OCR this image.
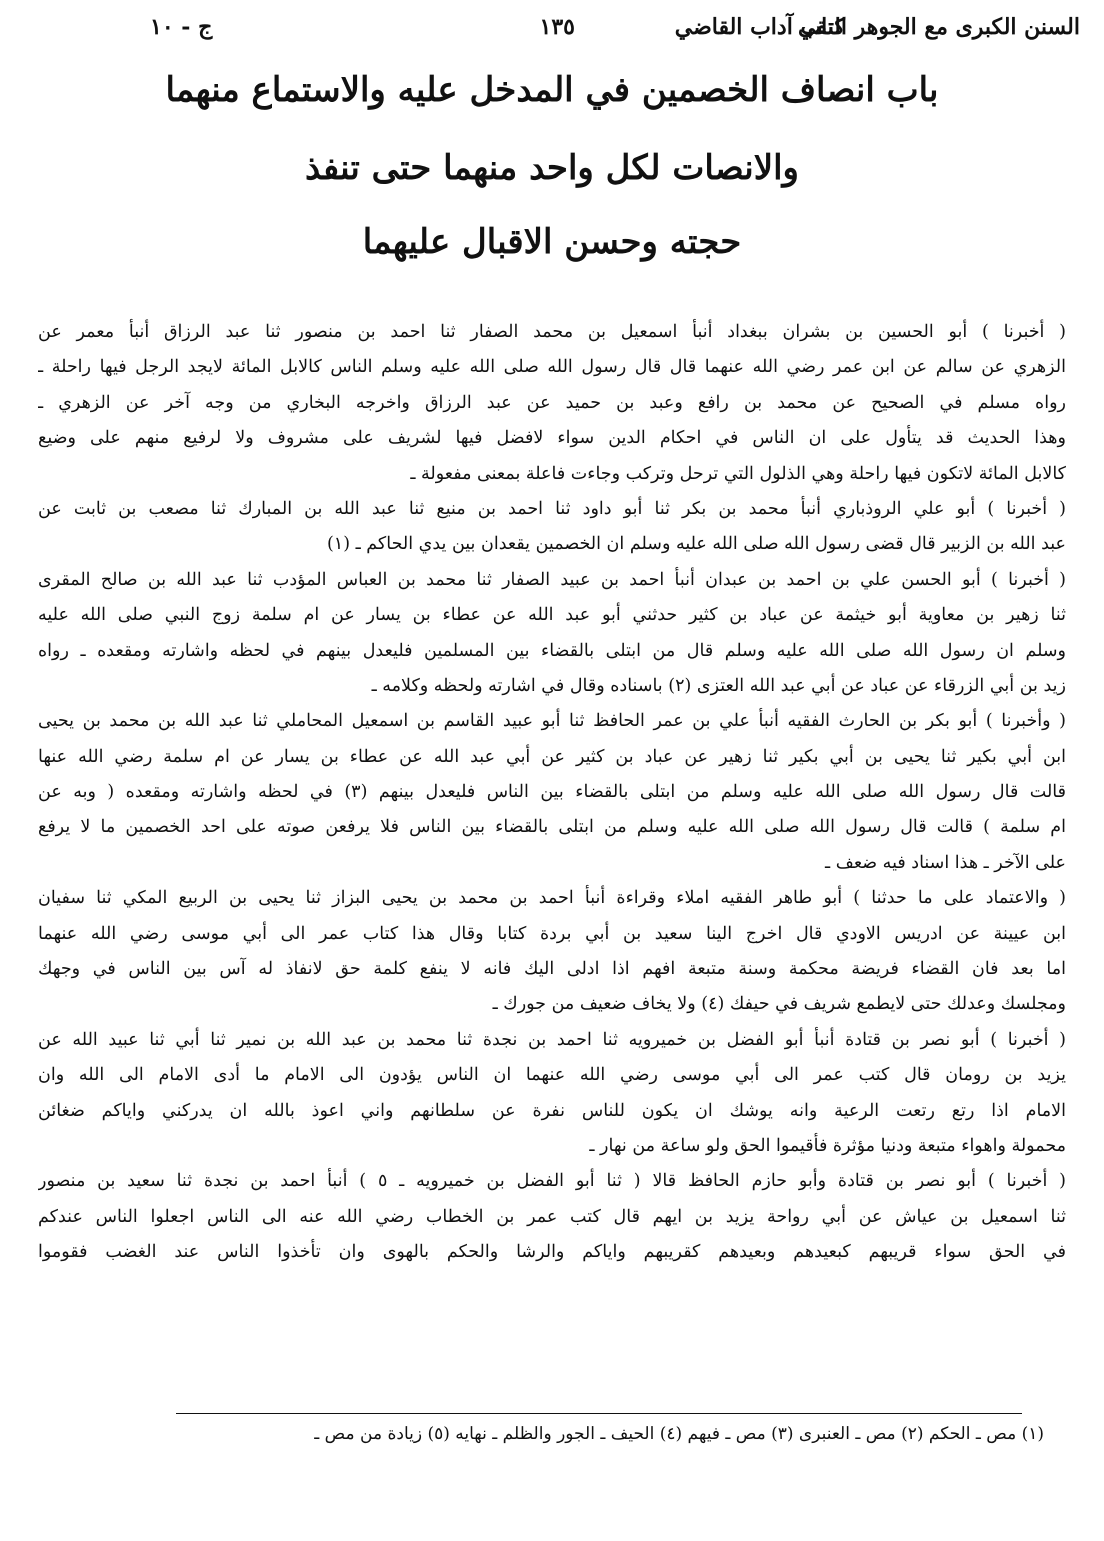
السنن الكبرى مع الجوهر النقي
كتاب آداب القاضي
١٣٥
ج - ١٠
باب انصاف الخصمين في المدخل عليه والاستماع منهما
والانصات لكل واحد منهما حتى تنفذ
حجته وحسن الاقبال عليهما
( أخبرنا ) أبو الحسين بن بشران ببغداد أنبأ اسمعيل بن محمد الصفار ثنا احمد بن منصور ثنا عبد الرزاق أنبأ معمر عن
الزهري عن سالم عن ابن عمر رضي الله عنهما قال قال رسول الله صلى الله عليه وسلم الناس كالابل المائة لايجد الرجل فيها راحلة ـ
رواه مسلم في الصحيح عن محمد بن رافع وعبد بن حميد عن عبد الرزاق واخرجه البخاري من وجه آخر عن الزهري ـ
وهذا الحديث قد يتأول على ان الناس في احكام الدين سواء لافضل فيها لشريف على مشروف ولا لرفيع منهم على وضيع
كالابل المائة لاتكون فيها راحلة وهي الذلول التي ترحل وتركب وجاءت فاعلة بمعنى مفعولة ـ
( أخبرنا ) أبو علي الروذباري أنبأ محمد بن بكر ثنا أبو داود ثنا احمد بن منيع ثنا عبد الله بن المبارك ثنا مصعب بن ثابت عن
عبد الله بن الزبير قال قضى رسول الله صلى الله عليه وسلم ان الخصمين يقعدان بين يدي الحاكم ـ (١)
( أخبرنا ) أبو الحسن علي بن احمد بن عبدان أنبأ احمد بن عبيد الصفار ثنا محمد بن العباس المؤدب ثنا عبد الله بن صالح المقرى
ثنا زهير بن معاوية أبو خيثمة عن عباد بن كثير حدثني أبو عبد الله عن عطاء بن يسار عن ام سلمة زوج النبي صلى الله عليه
وسلم ان رسول الله صلى الله عليه وسلم قال من ابتلى بالقضاء بين المسلمين فليعدل بينهم في لحظه واشارته ومقعده ـ رواه
زيد بن أبي الزرقاء عن عباد عن أبي عبد الله العتزى (٢) باسناده وقال في اشارته ولحظه وكلامه ـ
( وأخبرنا ) أبو بكر بن الحارث الفقيه أنبأ علي بن عمر الحافظ ثنا أبو عبيد القاسم بن اسمعيل المحاملي ثنا عبد الله بن محمد بن يحيى
ابن أبي بكير ثنا يحيى بن أبي بكير ثنا زهير عن عباد بن كثير عن أبي عبد الله عن عطاء بن يسار عن ام سلمة رضي الله عنها
قالت قال رسول الله صلى الله عليه وسلم من ابتلى بالقضاء بين الناس فليعدل بينهم (٣) في لحظه واشارته ومقعده ( وبه عن
ام سلمة ) قالت قال رسول الله صلى الله عليه وسلم من ابتلى بالقضاء بين الناس فلا يرفعن صوته على احد الخصمين ما لا يرفع
على الآخر ـ هذا اسناد فيه ضعف ـ
( والاعتماد على ما حدثنا ) أبو طاهر الفقيه املاء وقراءة أنبأ احمد بن محمد بن يحيى البزاز ثنا يحيى بن الربيع المكي ثنا سفيان
ابن عيينة عن ادريس الاودي قال اخرج الينا سعيد بن أبي بردة كتابا وقال هذا كتاب عمر الى أبي موسى رضي الله عنهما
اما بعد فان القضاء فريضة محكمة وسنة متبعة افهم اذا ادلى اليك فانه لا ينفع كلمة حق لانفاذ له آس بين الناس في وجهك
ومجلسك وعدلك حتى لايطمع شريف في حيفك (٤) ولا يخاف ضعيف من جورك ـ
( أخبرنا ) أبو نصر بن قتادة أنبأ أبو الفضل بن خميرويه ثنا احمد بن نجدة ثنا محمد بن عبد الله بن نمير ثنا أبي ثنا عبيد الله عن
يزيد بن رومان قال كتب عمر الى أبي موسى رضي الله عنهما ان الناس يؤدون الى الامام ما أدى الامام الى الله وان
الامام اذا رتع رتعت الرعية وانه يوشك ان يكون للناس نفرة عن سلطانهم واني اعوذ بالله ان يدركني واياكم ضغائن
محمولة واهواء متبعة ودنيا مؤثرة فأقيموا الحق ولو ساعة من نهار ـ
( أخبرنا ) أبو نصر بن قتادة وأبو حازم الحافظ قالا ( ثنا أبو الفضل بن خميرويه ـ ٥ ) أنبأ احمد بن نجدة ثنا سعيد بن منصور
ثنا اسمعيل بن عياش عن أبي رواحة يزيد بن ايهم قال كتب عمر بن الخطاب رضي الله عنه الى الناس اجعلوا الناس عندكم
في الحق سواء قريبهم كبعيدهم وبعيدهم كقريبهم واياكم والرشا والحكم بالهوى وان تأخذوا الناس عند الغضب فقوموا
(١) مص ـ الحكم (٢) مص ـ العنبرى (٣) مص ـ فيهم (٤) الحيف ـ الجور والظلم ـ نهايه (٥) زيادة من مص ـ
